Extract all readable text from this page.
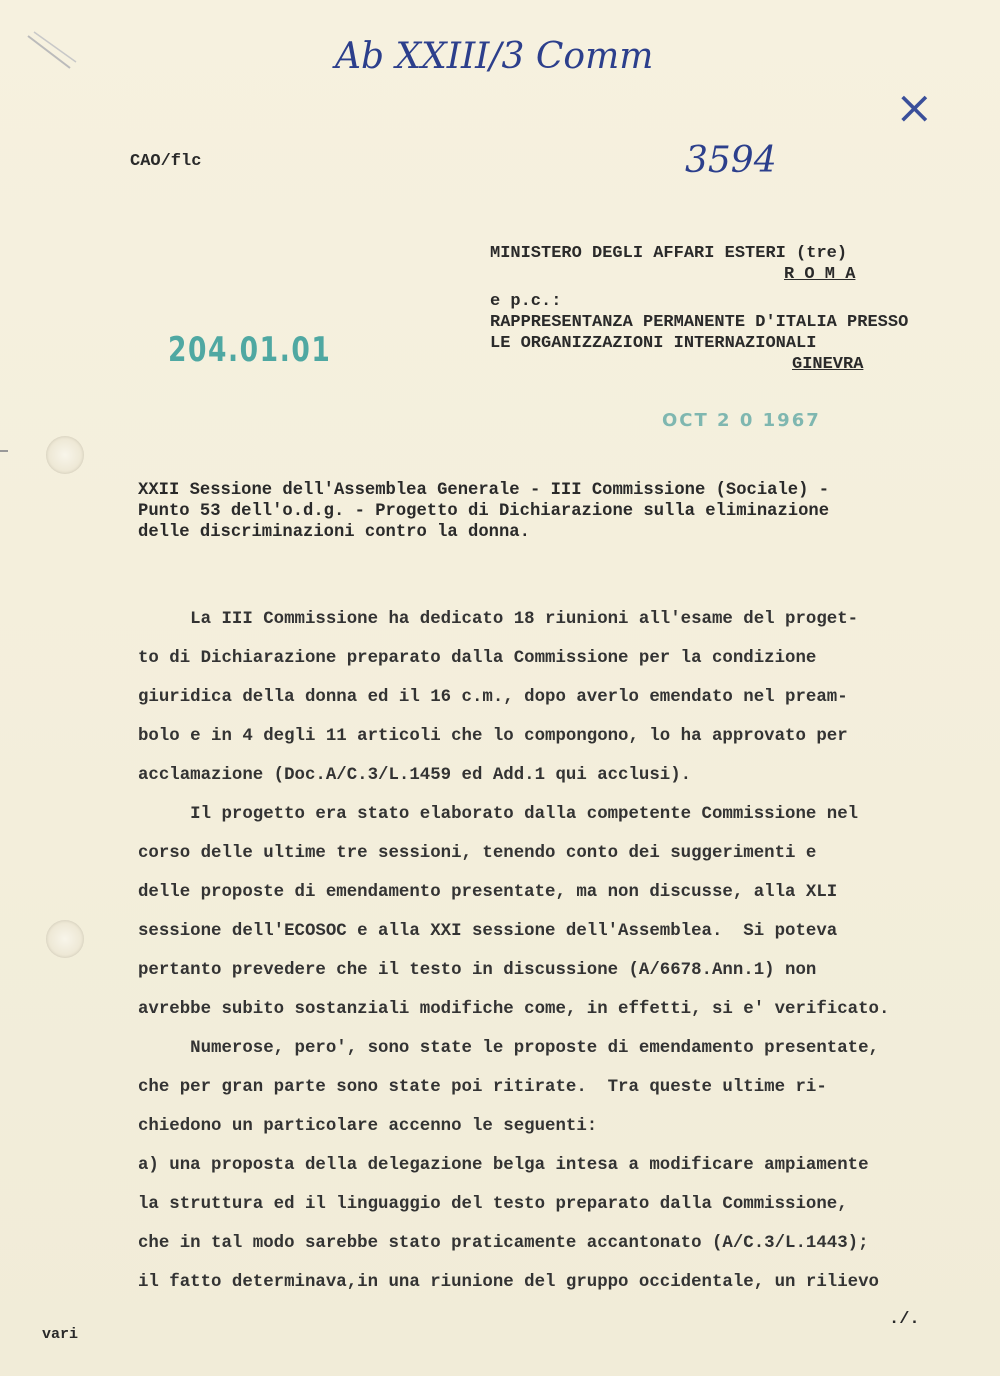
Ab XXIII/3 Comm
×
3594
CAO/flc
MINISTERO DEGLI AFFARI ESTERI (tre)
R O M A
e p.c.:
RAPPRESENTANZA PERMANENTE D'ITALIA PRESSO
LE ORGANIZZAZIONI INTERNAZIONALI
GINEVRA
204.01.01
OCT 2 0 1967
XXII Sessione dell'Assemblea Generale - III Commissione (Sociale) -
Punto 53 dell'o.d.g. - Progetto di Dichiarazione sulla eliminazione
delle discriminazioni contro la donna.
La III Commissione ha dedicato 18 riunioni all'esame del proget-
to di Dichiarazione preparato dalla Commissione per la condizione
giuridica della donna ed il 16 c.m., dopo averlo emendato nel pream-
bolo e in 4 degli 11 articoli che lo compongono, lo ha approvato per
acclamazione (Doc.A/C.3/L.1459 ed Add.1 qui acclusi).
Il progetto era stato elaborato dalla competente Commissione nel
corso delle ultime tre sessioni, tenendo conto dei suggerimenti e
delle proposte di emendamento presentate, ma non discusse, alla XLI
sessione dell'ECOSOC e alla XXI sessione dell'Assemblea.  Si poteva
pertanto prevedere che il testo in discussione (A/6678.Ann.1) non
avrebbe subito sostanziali modifiche come, in effetti, si e' verificato.
Numerose, pero', sono state le proposte di emendamento presentate,
che per gran parte sono state poi ritirate.  Tra queste ultime ri-
chiedono un particolare accenno le seguenti:
a) una proposta della delegazione belga intesa a modificare ampiamente
la struttura ed il linguaggio del testo preparato dalla Commissione,
che in tal modo sarebbe stato praticamente accantonato (A/C.3/L.1443);
il fatto determinava,in una riunione del gruppo occidentale, un rilievo
vari
./.
